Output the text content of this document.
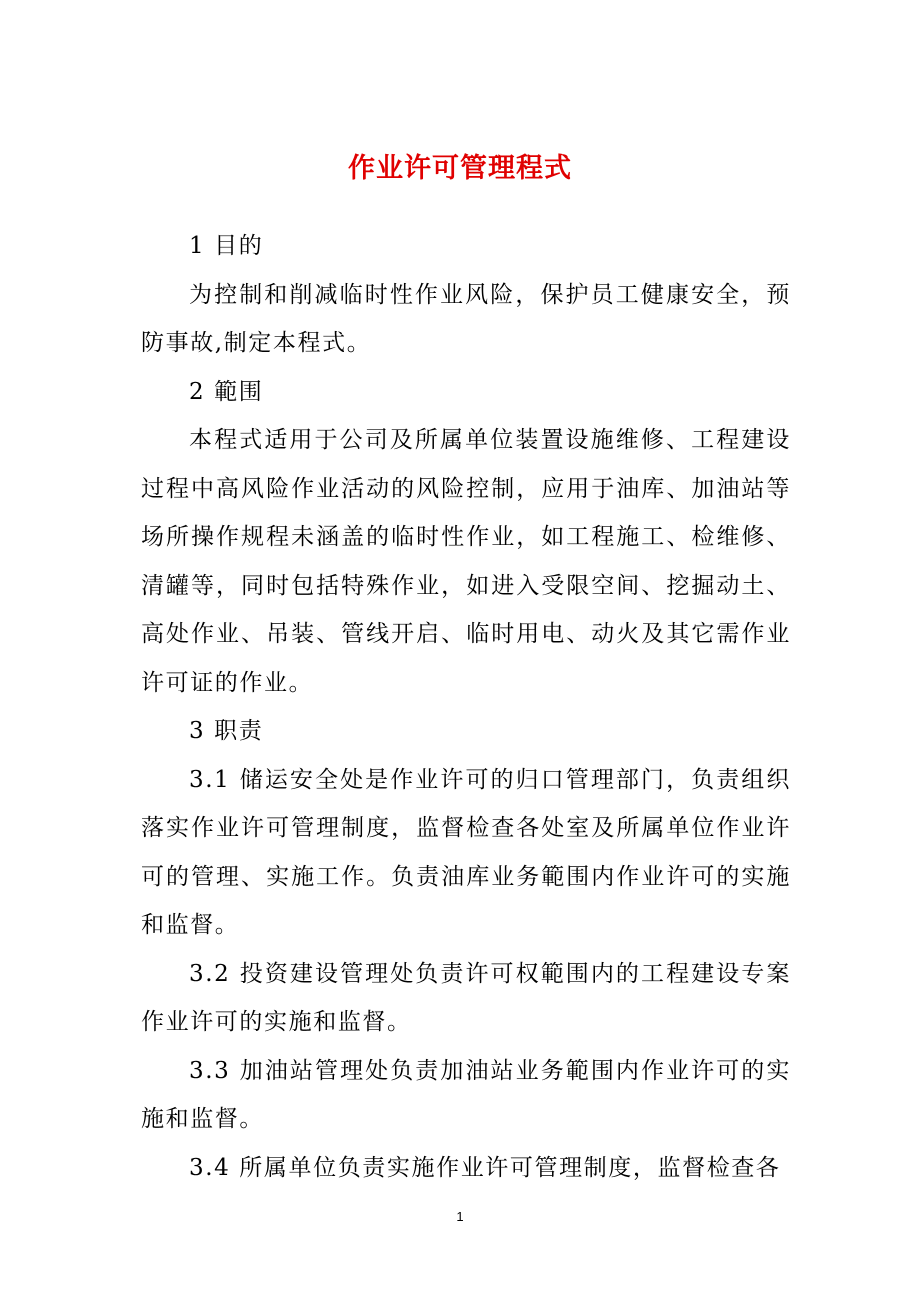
作业许可管理程式

1 目的

为控制和削减临时性作业风险，保护员工健康安全，预防事故,制定本程式。

2 範围

本程式适用于公司及所属单位装置设施维修、工程建设过程中高风险作业活动的风险控制，应用于油库、加油站等场所操作规程未涵盖的临时性作业，如工程施工、检维修、清罐等，同时包括特殊作业，如进入受限空间、挖掘动土、高处作业、吊装、管线开启、临时用电、动火及其它需作业许可证的作业。

3 职责

3.1 储运安全处是作业许可的归口管理部门，负责组织落实作业许可管理制度，监督检查各处室及所属单位作业许可的管理、实施工作。负责油库业务範围内作业许可的实施和监督。

3.2 投资建设管理处负责许可权範围内的工程建设专案作业许可的实施和监督。

3.3 加油站管理处负责加油站业务範围内作业许可的实施和监督。

3.4 所属单位负责实施作业许可管理制度，监督检查各

1
